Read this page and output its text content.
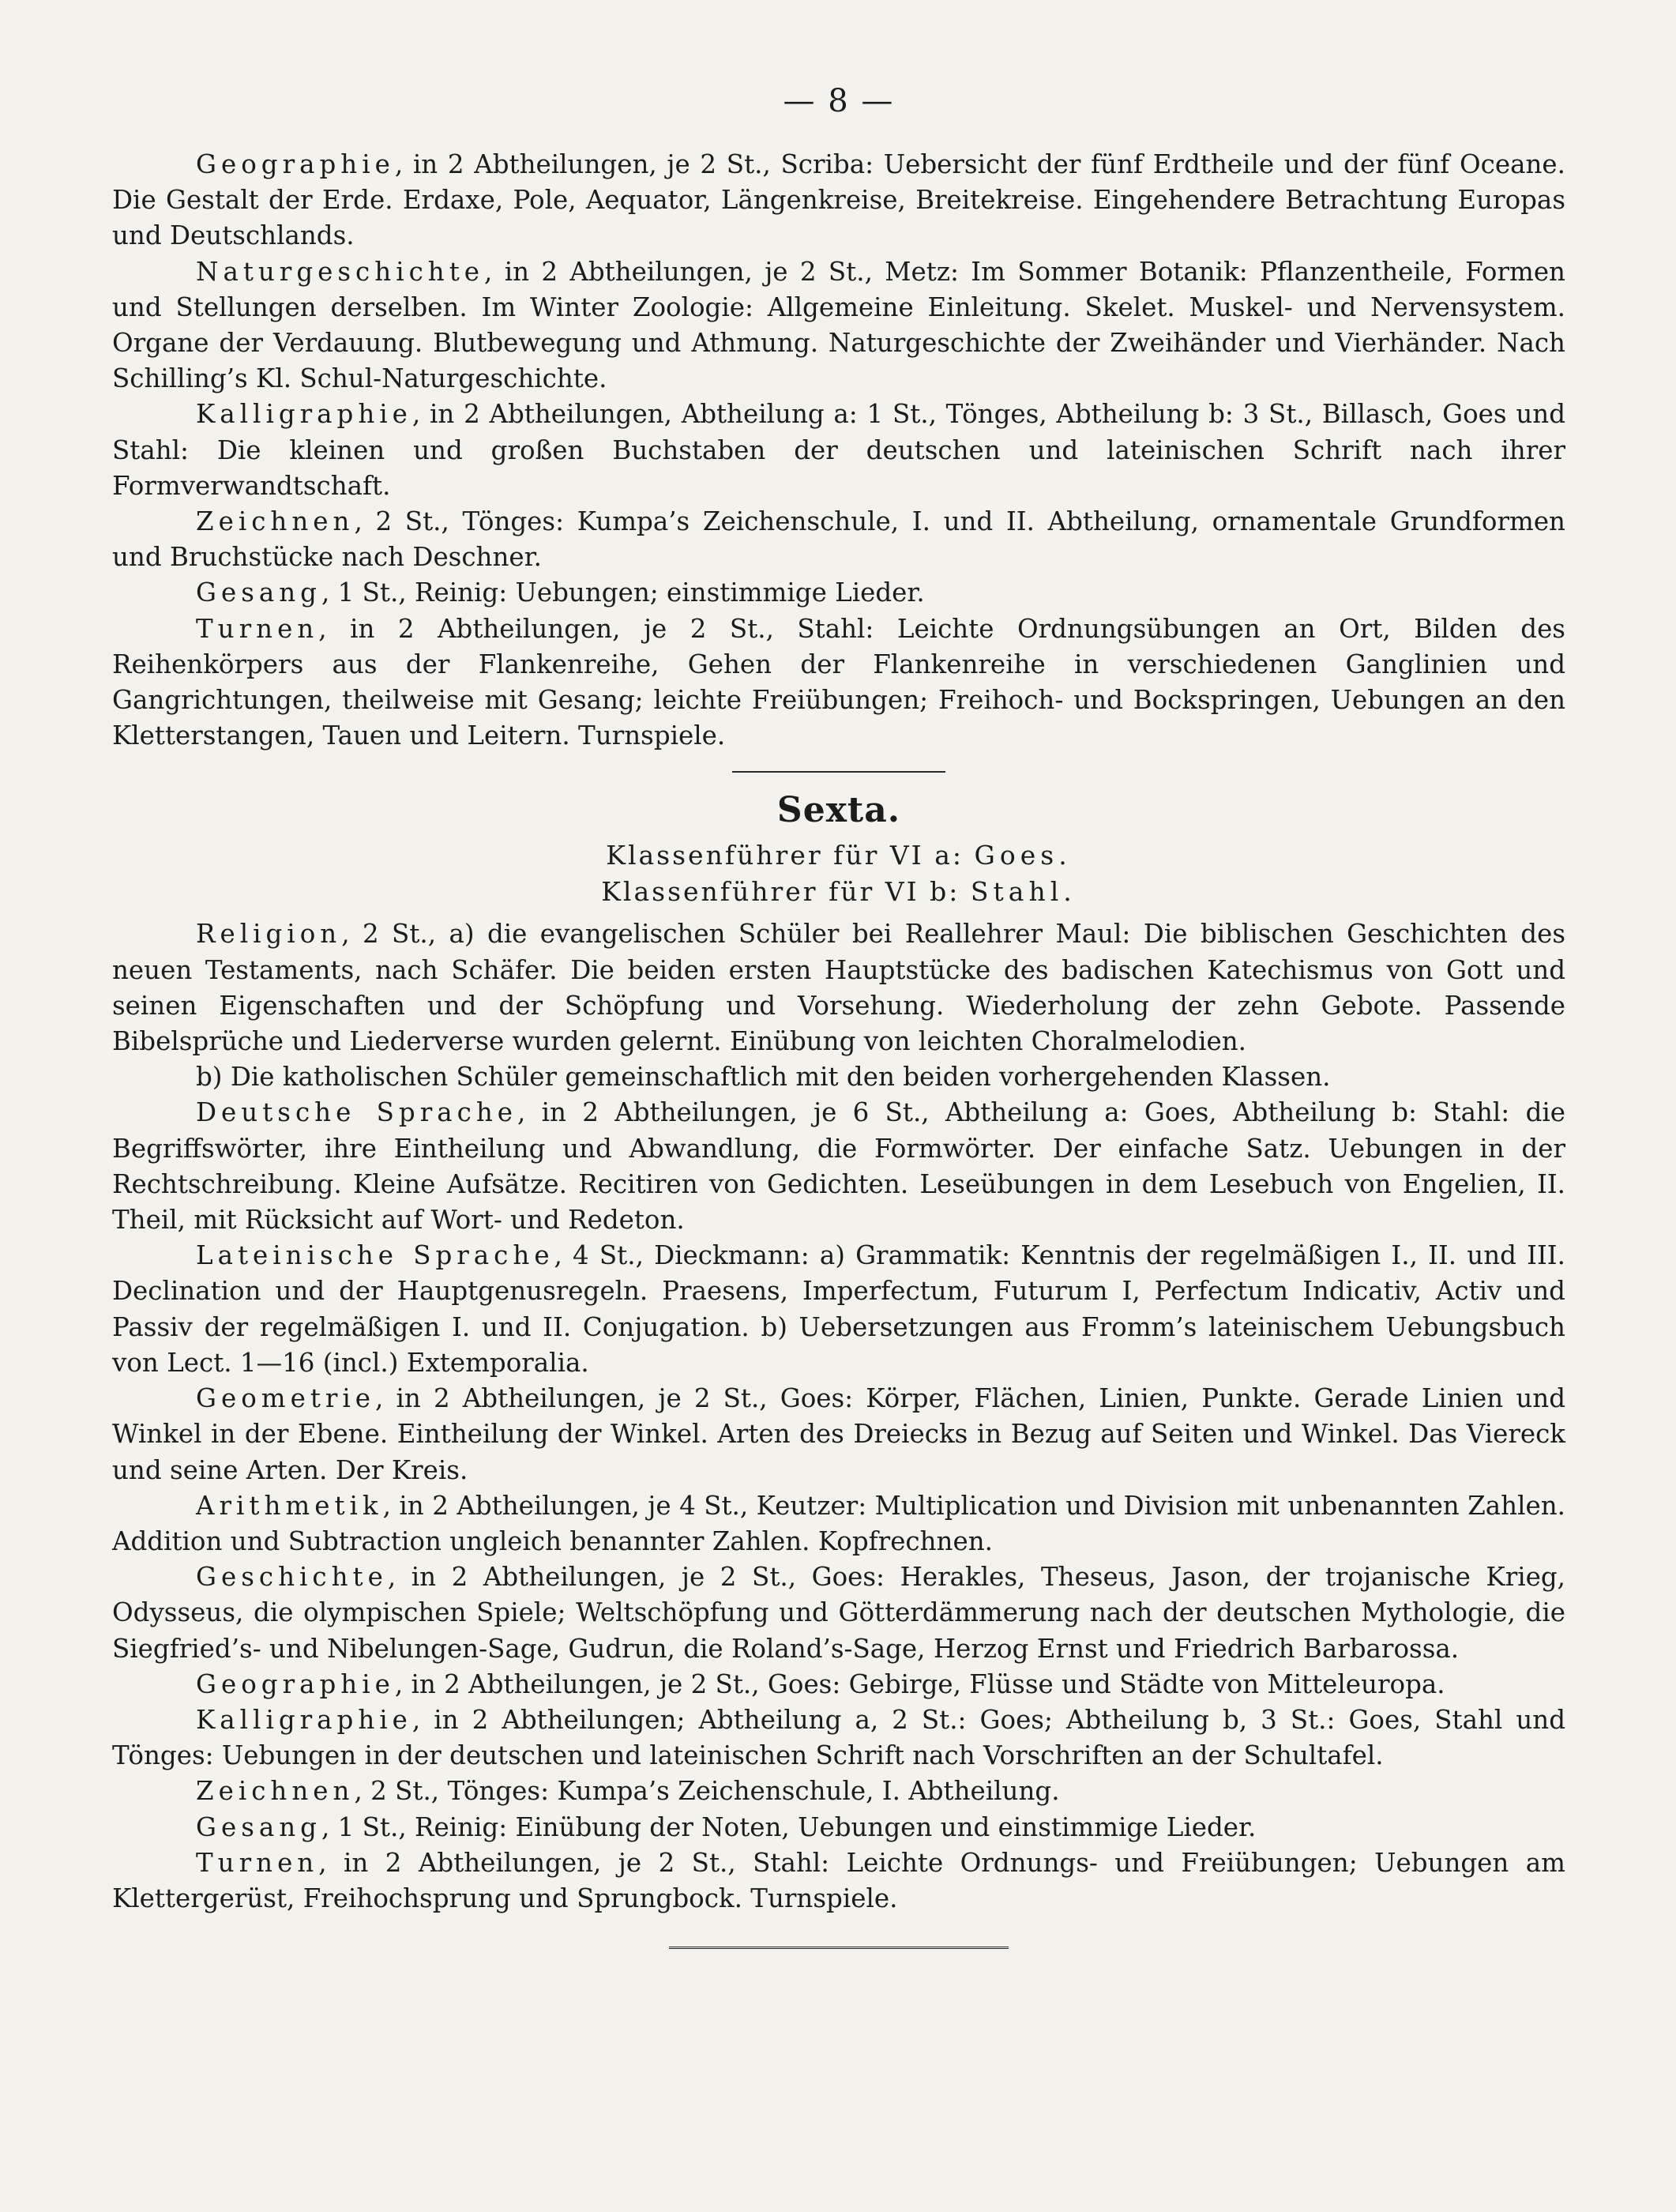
— 8 —

Geographie, in 2 Abtheilungen, je 2 St., Scriba: Uebersicht der fünf Erdtheile und der fünf Oceane. Die Gestalt der Erde. Erdaxe, Pole, Aequator, Längenkreise, Breitekreise. Eingehendere Betrachtung Europas und Deutschlands.

Naturgeschichte, in 2 Abtheilungen, je 2 St., Metz: Im Sommer Botanik: Pflanzentheile, Formen und Stellungen derselben. Im Winter Zoologie: Allgemeine Einleitung. Skelet. Muskel- und Nervensystem. Organe der Verdauung. Blutbewegung und Athmung. Naturgeschichte der Zweihänder und Vierhänder. Nach Schilling’s Kl. Schul-Naturgeschichte.

Kalligraphie, in 2 Abtheilungen, Abtheilung a: 1 St., Tönges, Abtheilung b: 3 St., Billasch, Goes und Stahl: Die kleinen und großen Buchstaben der deutschen und lateinischen Schrift nach ihrer Formverwandtschaft.

Zeichnen, 2 St., Tönges: Kumpa’s Zeichenschule, I. und II. Abtheilung, ornamentale Grundformen und Bruchstücke nach Deschner.

Gesang, 1 St., Reinig: Uebungen; einstimmige Lieder.

Turnen, in 2 Abtheilungen, je 2 St., Stahl: Leichte Ordnungsübungen an Ort, Bilden des Reihenkörpers aus der Flankenreihe, Gehen der Flankenreihe in verschiedenen Ganglinien und Gangrichtungen, theilweise mit Gesang; leichte Freiübungen; Freihoch- und Bockspringen, Uebungen an den Kletterstangen, Tauen und Leitern. Turnspiele.

Sexta.

Klassenführer für VI a: Goes.

Klassenführer für VI b: Stahl.

Religion, 2 St., a) die evangelischen Schüler bei Reallehrer Maul: Die biblischen Geschichten des neuen Testaments, nach Schäfer. Die beiden ersten Hauptstücke des badischen Katechismus von Gott und seinen Eigenschaften und der Schöpfung und Vorsehung. Wiederholung der zehn Gebote. Passende Bibelsprüche und Liederverse wurden gelernt. Einübung von leichten Choralmelodien.

b) Die katholischen Schüler gemeinschaftlich mit den beiden vorhergehenden Klassen.

Deutsche Sprache, in 2 Abtheilungen, je 6 St., Abtheilung a: Goes, Abtheilung b: Stahl: die Begriffswörter, ihre Eintheilung und Abwandlung, die Formwörter. Der einfache Satz. Uebungen in der Rechtschreibung. Kleine Aufsätze. Recitiren von Gedichten. Leseübungen in dem Lesebuch von Engelien, II. Theil, mit Rücksicht auf Wort- und Redeton.

Lateinische Sprache, 4 St., Dieckmann: a) Grammatik: Kenntnis der regelmäßigen I., II. und III. Declination und der Hauptgenusregeln. Praesens, Imperfectum, Futurum I, Perfectum Indicativ, Activ und Passiv der regelmäßigen I. und II. Conjugation. b) Uebersetzungen aus Fromm’s lateinischem Uebungsbuch von Lect. 1—16 (incl.) Extemporalia.

Geometrie, in 2 Abtheilungen, je 2 St., Goes: Körper, Flächen, Linien, Punkte. Gerade Linien und Winkel in der Ebene. Eintheilung der Winkel. Arten des Dreiecks in Bezug auf Seiten und Winkel. Das Viereck und seine Arten. Der Kreis.

Arithmetik, in 2 Abtheilungen, je 4 St., Keutzer: Multiplication und Division mit unbenannten Zahlen. Addition und Subtraction ungleich benannter Zahlen. Kopfrechnen.

Geschichte, in 2 Abtheilungen, je 2 St., Goes: Herakles, Theseus, Jason, der trojanische Krieg, Odysseus, die olympischen Spiele; Weltschöpfung und Götterdämmerung nach der deutschen Mythologie, die Siegfried’s- und Nibelungen-Sage, Gudrun, die Roland’s-Sage, Herzog Ernst und Friedrich Barbarossa.

Geographie, in 2 Abtheilungen, je 2 St., Goes: Gebirge, Flüsse und Städte von Mitteleuropa.

Kalligraphie, in 2 Abtheilungen; Abtheilung a, 2 St.: Goes; Abtheilung b, 3 St.: Goes, Stahl und Tönges: Uebungen in der deutschen und lateinischen Schrift nach Vorschriften an der Schultafel.

Zeichnen, 2 St., Tönges: Kumpa’s Zeichenschule, I. Abtheilung.

Gesang, 1 St., Reinig: Einübung der Noten, Uebungen und einstimmige Lieder.

Turnen, in 2 Abtheilungen, je 2 St., Stahl: Leichte Ordnungs- und Freiübungen; Uebungen am Klettergerüst, Freihochsprung und Sprungbock. Turnspiele.
